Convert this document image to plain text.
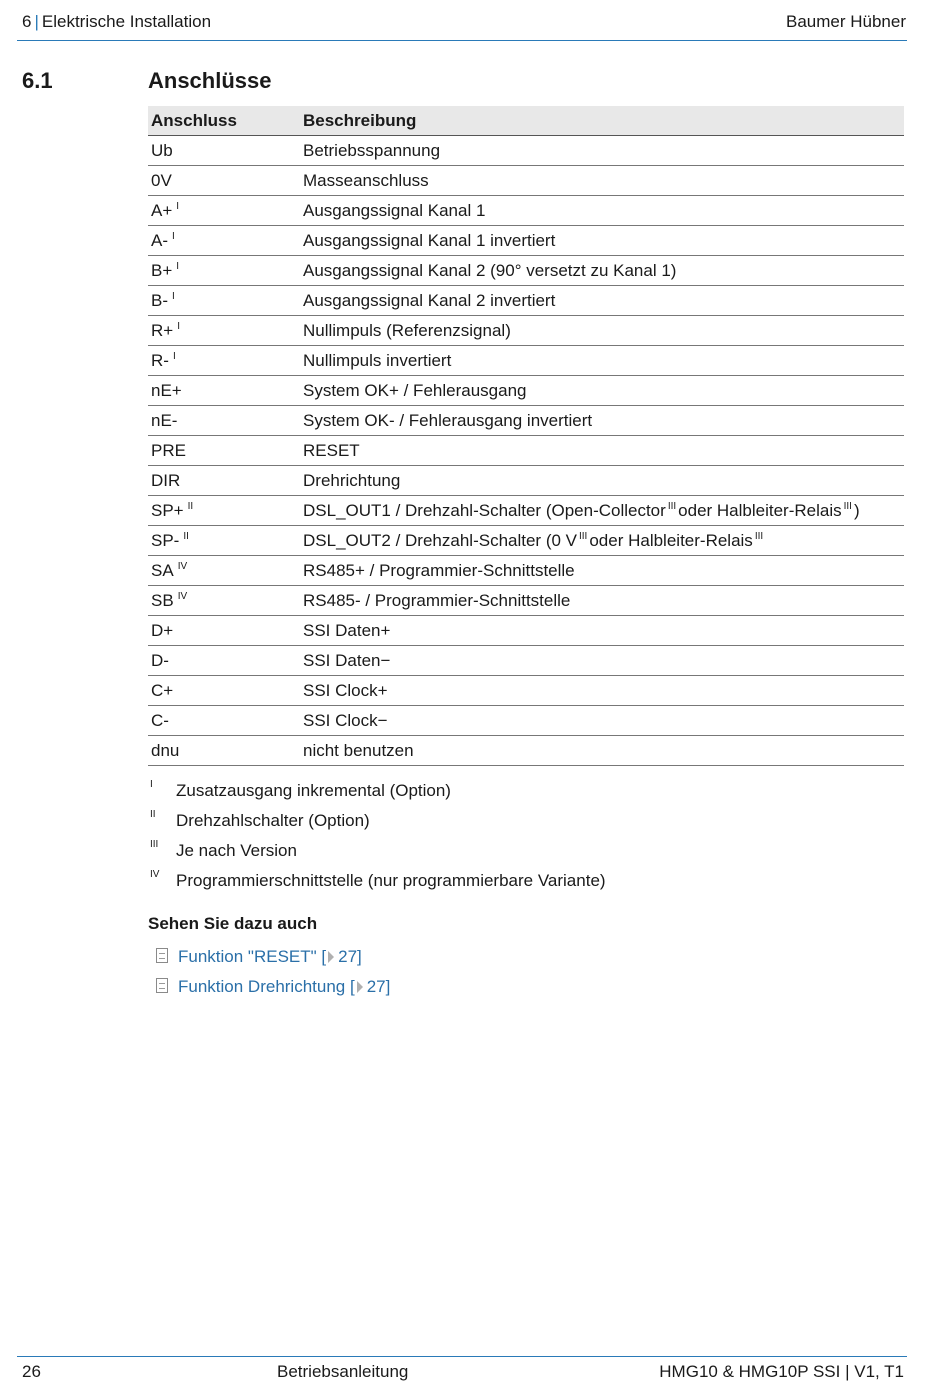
6 | Elektrische Installation	Baumer Hübner
6.1	Anschlüsse
Anschluss	Beschreibung
Ub	Betriebsspannung
0V	Masseanschluss
A+ $^I$	Ausgangssignal Kanal 1
A- $^I$	Ausgangssignal Kanal 1 invertiert
B+ $^I$	Ausgangssignal Kanal 2 (90° versetzt zu Kanal 1)
B- $^I$	Ausgangssignal Kanal 2 invertiert
R+ $^I$	Nullimpuls (Referenzsignal)
R- $^I$	Nullimpuls invertiert
nE+	System OK+ / Fehlerausgang
nE-	System OK- / Fehlerausgang invertiert
PRE	RESET
DIR	Drehrichtung
SP+ $^{II}$	DSL_OUT1 / Drehzahl-Schalter (Open-Collector $^{III}$ oder Halbleiter-Relais $^{III}$ )
SP- $^{II}$	DSL_OUT2 / Drehzahl-Schalter (0 V $^{III}$ oder Halbleiter-Relais $^{III}$
SA $^{IV}$	RS485+ / Programmier-Schnittstelle
SB $^{IV}$	RS485- / Programmier-Schnittstelle
D+	SSI Daten+
D-	SSI Daten−
C+	SSI Clock+
C-	SSI Clock−
dnu	nicht benutzen
I Zusatzausgang inkremental (Option)
II Drehzahlschalter (Option)
III Je nach Version
IV Programmierschnittstelle (nur programmierbare Variante)
Sehen Sie dazu auch
Funktion "RESET" [ 27]
Funktion Drehrichtung [ 27]
26	Betriebsanleitung	HMG10 & HMG10P SSI | V1, T1
